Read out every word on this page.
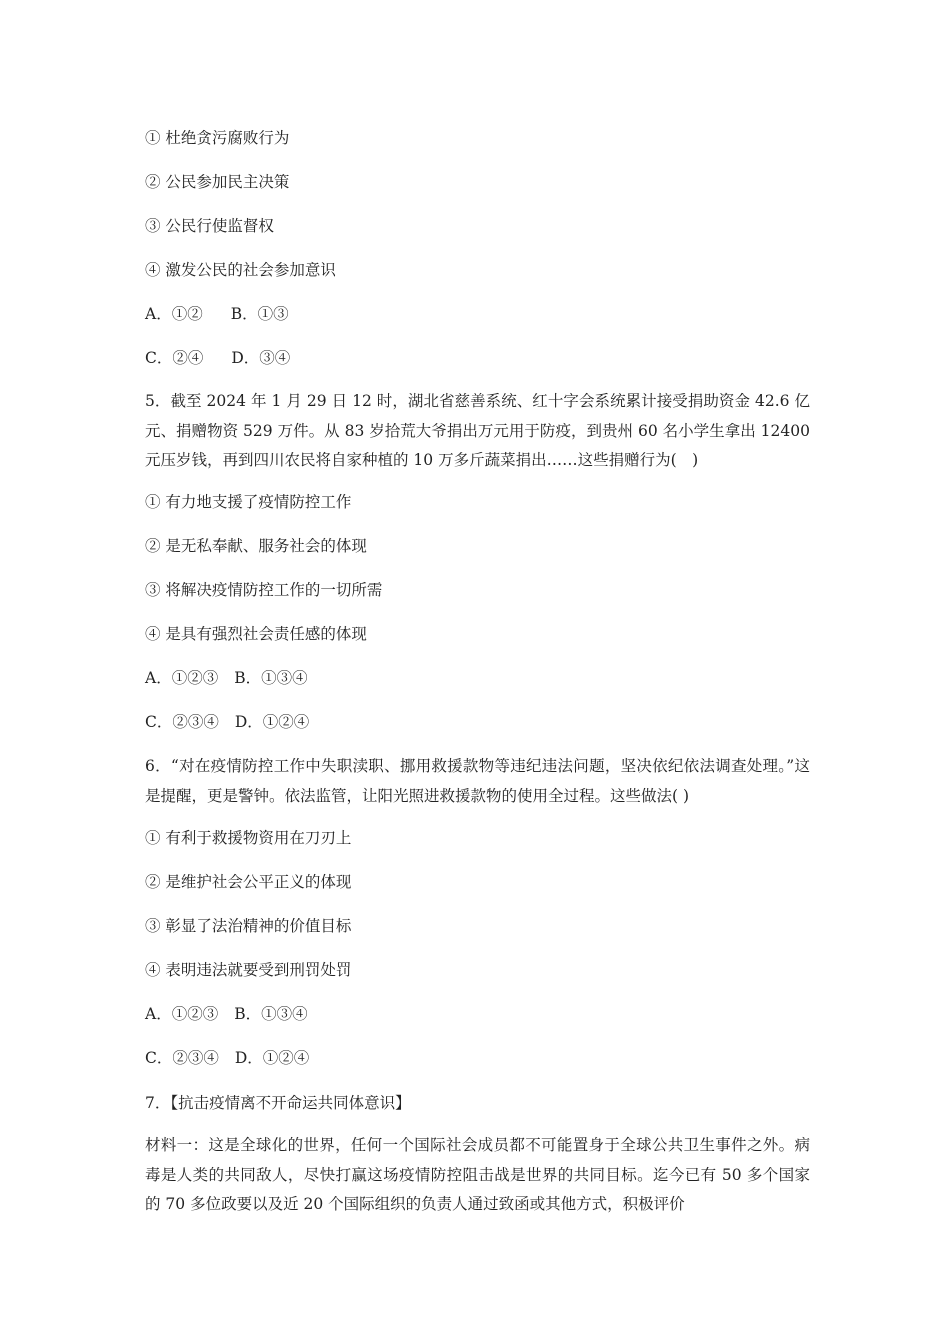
① 杜绝贪污腐败行为
② 公民参加民主决策
③ 公民行使监督权
④ 激发公民的社会参加意识
A．①② B．①③
C．②④ D．③④
5．截至 2024 年 1 月 29 日 12 时，湖北省慈善系统、红十字会系统累计接受捐助资金 42.6 亿元、捐赠物资 529 万件。从 83 岁拾荒大爷捐出万元用于防疫，到贵州 60 名小学生拿出 12400 元压岁钱，再到四川农民将自家种植的 10 万多斤蔬菜捐出……这些捐赠行为(　)
① 有力地支援了疫情防控工作
② 是无私奉献、服务社会的体现
③ 将解决疫情防控工作的一切所需
④ 是具有强烈社会责任感的体现
A．①②③ B．①③④
C．②③④ D．①②④
6．“对在疫情防控工作中失职渎职、挪用救援款物等违纪违法问题，坚决依纪依法调查处理。”这是提醒，更是警钟。依法监管，让阳光照进救援款物的使用全过程。这些做法( )
① 有利于救援物资用在刀刃上
② 是维护社会公平正义的体现
③ 彰显了法治精神的价值目标
④ 表明违法就要受到刑罚处罚
A．①②③ B．①③④
C．②③④ D．①②④
7．【抗击疫情离不开命运共同体意识】
材料一：这是全球化的世界，任何一个国际社会成员都不可能置身于全球公共卫生事件之外。病毒是人类的共同敌人，尽快打赢这场疫情防控阻击战是世界的共同目标。迄今已有 50 多个国家的 70 多位政要以及近 20 个国际组织的负责人通过致函或其他方式，积极评价
